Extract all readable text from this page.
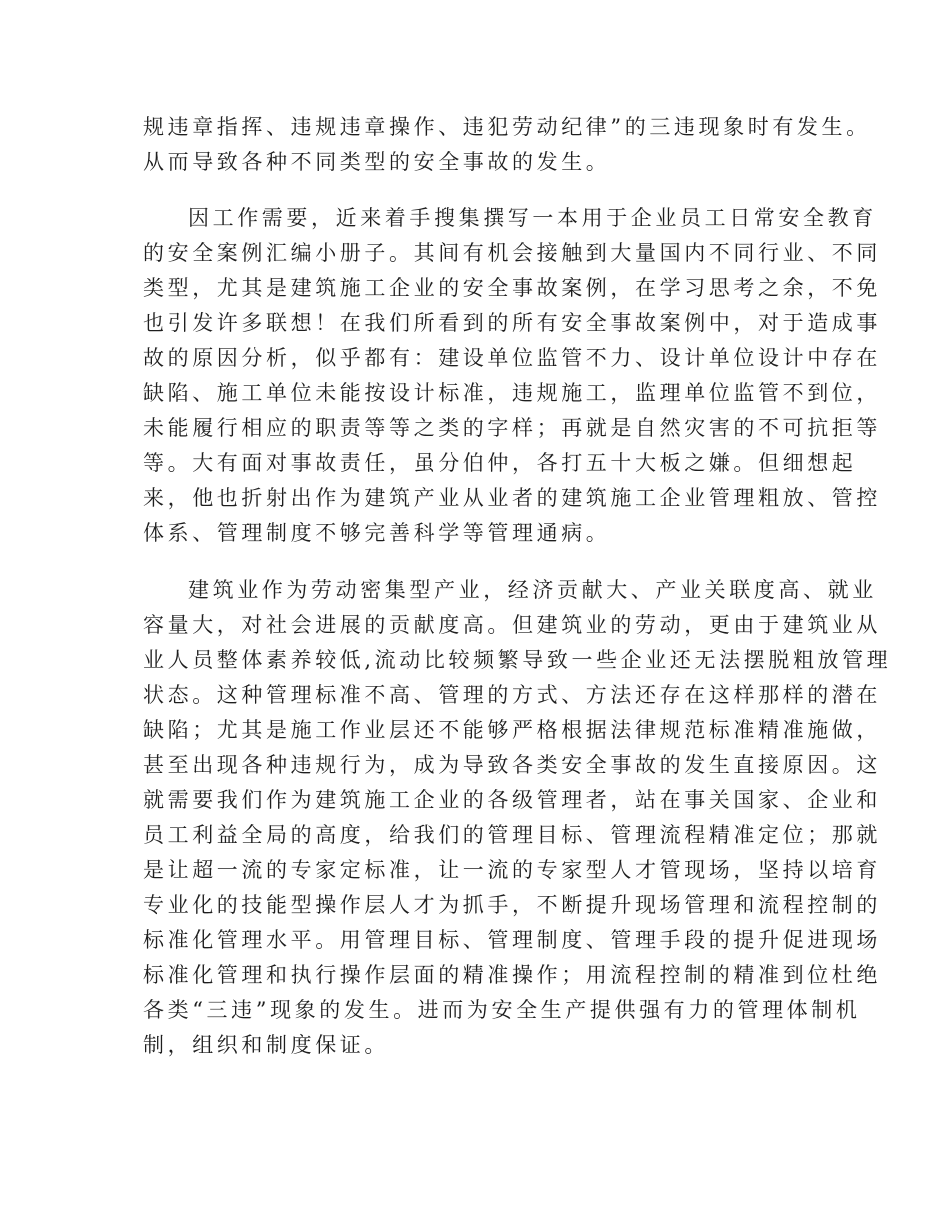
规违章指挥、违规违章操作、违犯劳动纪律”的三违现象时有发生。

从而导致各种不同类型的安全事故的发生。

因工作需要，近来着手搜集撰写一本用于企业员工日常安全教育

的安全案例汇编小册子。其间有机会接触到大量国内不同行业、不同

类型，尤其是建筑施工企业的安全事故案例，在学习思考之余，不免

也引发许多联想！在我们所看到的所有安全事故案例中，对于造成事

故的原因分析，似乎都有：建设单位监管不力、设计单位设计中存在

缺陷、施工单位未能按设计标准，违规施工，监理单位监管不到位，

未能履行相应的职责等等之类的字样；再就是自然灾害的不可抗拒等

等。大有面对事故责任，虽分伯仲，各打五十大板之嫌。但细想起

来，他也折射出作为建筑产业从业者的建筑施工企业管理粗放、管控

体系、管理制度不够完善科学等管理通病。

建筑业作为劳动密集型产业，经济贡献大、产业关联度高、就业

容量大，对社会进展的贡献度高。但建筑业的劳动，更由于建筑业从

业人员整体素养较低,流动比较频繁导致一些企业还无法摆脱粗放管理

状态。这种管理标准不高、管理的方式、方法还存在这样那样的潜在

缺陷；尤其是施工作业层还不能够严格根据法律规范标准精准施做，

甚至出现各种违规行为，成为导致各类安全事故的发生直接原因。这

就需要我们作为建筑施工企业的各级管理者，站在事关国家、企业和

员工利益全局的高度，给我们的管理目标、管理流程精准定位；那就

是让超一流的专家定标准，让一流的专家型人才管现场，坚持以培育

专业化的技能型操作层人才为抓手，不断提升现场管理和流程控制的

标准化管理水平。用管理目标、管理制度、管理手段的提升促进现场

标准化管理和执行操作层面的精准操作；用流程控制的精准到位杜绝

各类“三违”现象的发生。进而为安全生产提供强有力的管理体制机

制，组织和制度保证。
